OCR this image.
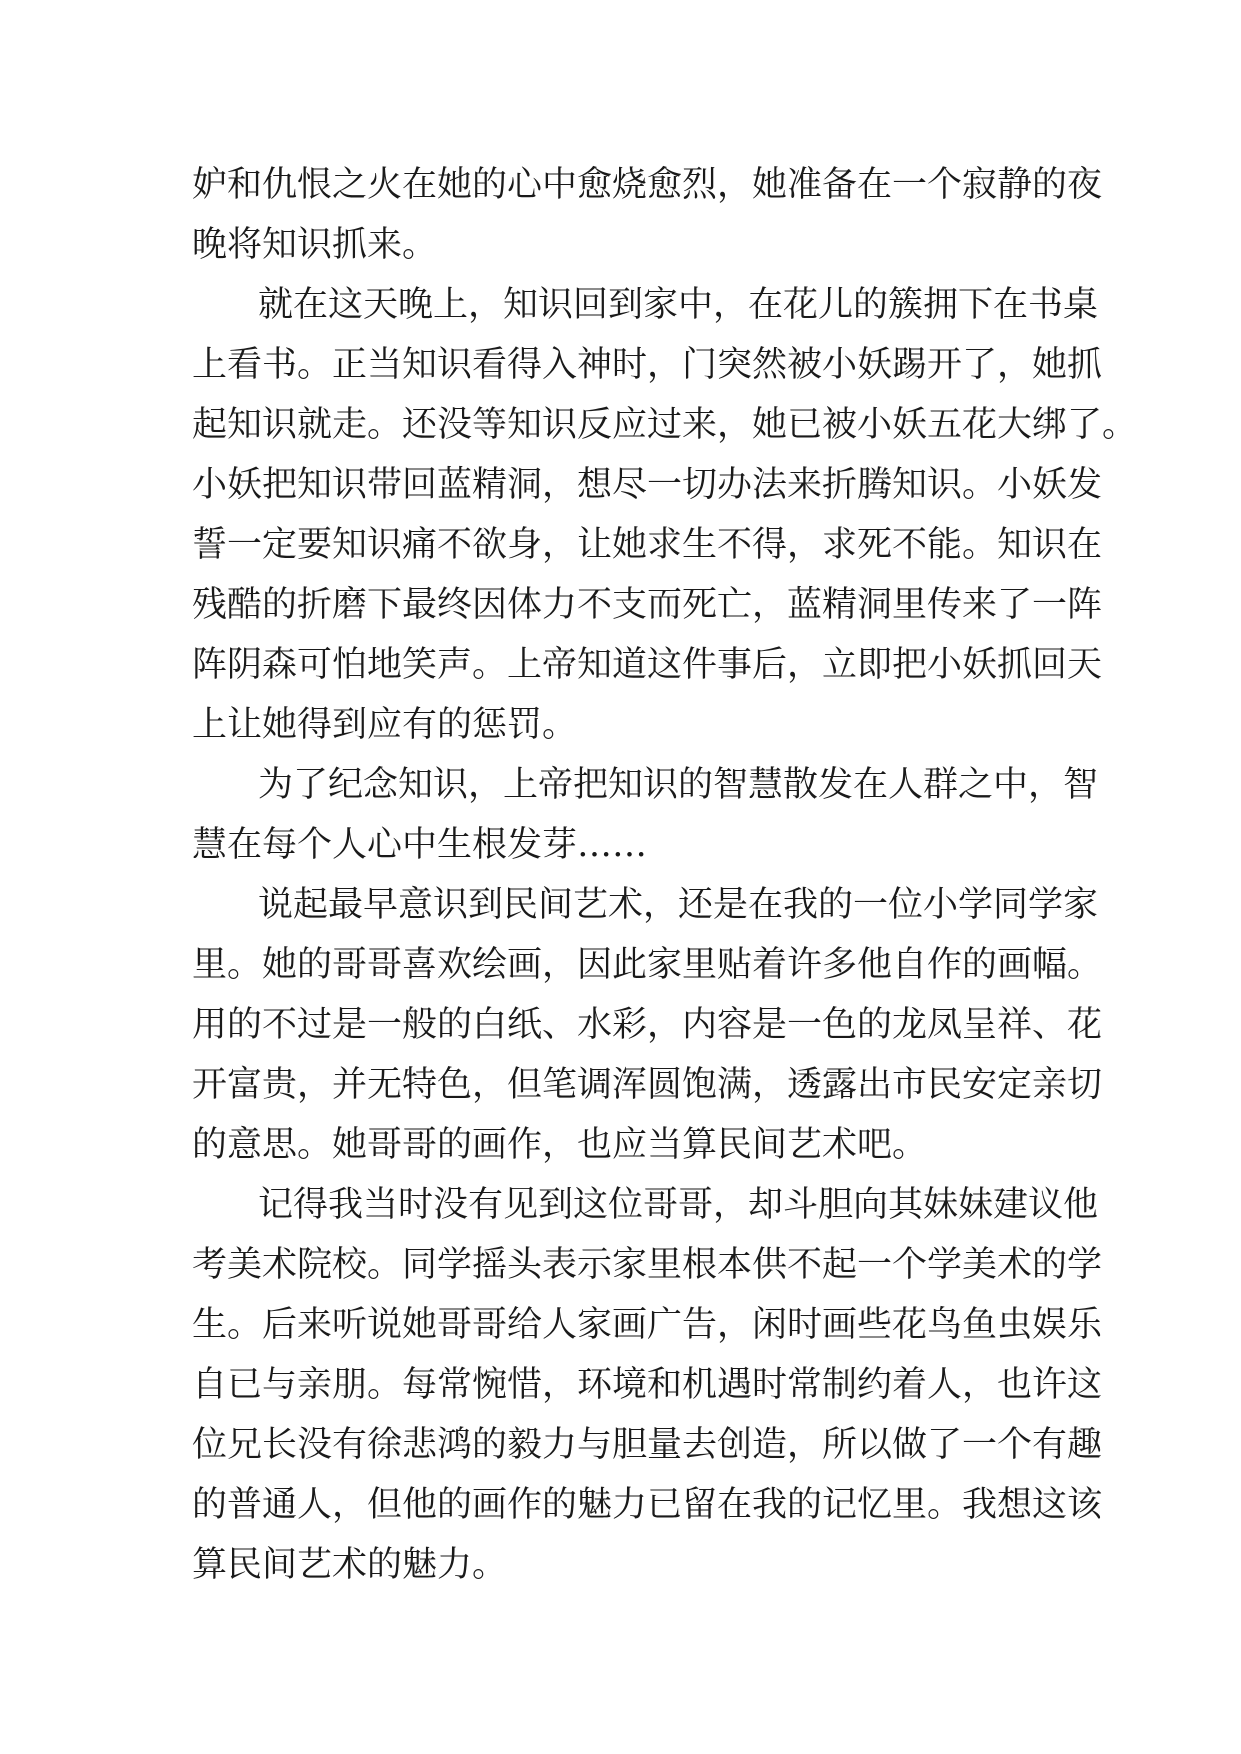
妒和仇恨之火在她的心中愈烧愈烈，她准备在一个寂静的夜
晚将知识抓来。
就在这天晚上，知识回到家中，在花儿的簇拥下在书桌
上看书。正当知识看得入神时，门突然被小妖踢开了，她抓
起知识就走。还没等知识反应过来，她已被小妖五花大绑了。
小妖把知识带回蓝精洞，想尽一切办法来折腾知识。小妖发
誓一定要知识痛不欲身，让她求生不得，求死不能。知识在
残酷的折磨下最终因体力不支而死亡，蓝精洞里传来了一阵
阵阴森可怕地笑声。上帝知道这件事后，立即把小妖抓回天
上让她得到应有的惩罚。
为了纪念知识，上帝把知识的智慧散发在人群之中，智
慧在每个人心中生根发芽……
说起最早意识到民间艺术，还是在我的一位小学同学家
里。她的哥哥喜欢绘画，因此家里贴着许多他自作的画幅。
用的不过是一般的白纸、水彩，内容是一色的龙凤呈祥、花
开富贵，并无特色，但笔调浑圆饱满，透露出市民安定亲切
的意思。她哥哥的画作，也应当算民间艺术吧。
记得我当时没有见到这位哥哥，却斗胆向其妹妹建议他
考美术院校。同学摇头表示家里根本供不起一个学美术的学
生。后来听说她哥哥给人家画广告，闲时画些花鸟鱼虫娱乐
自已与亲朋。每常惋惜，环境和机遇时常制约着人，也许这
位兄长没有徐悲鸿的毅力与胆量去创造，所以做了一个有趣
的普通人，但他的画作的魅力已留在我的记忆里。我想这该
算民间艺术的魅力。
